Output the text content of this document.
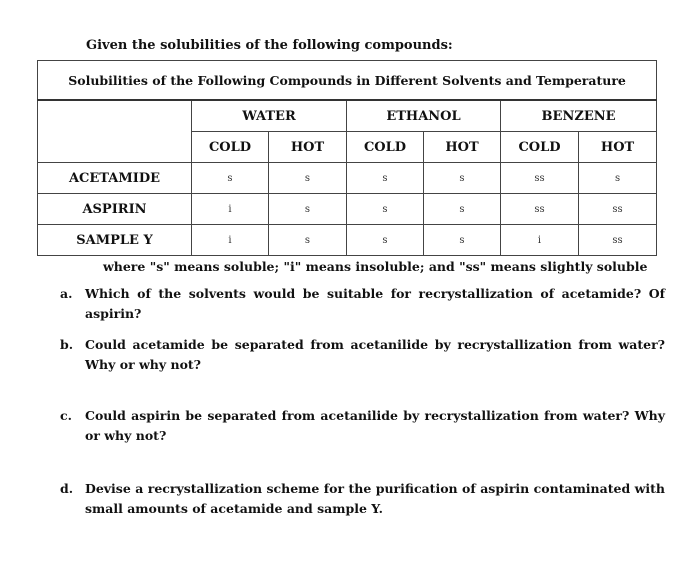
Given the solubilities of the following compounds:
Solubilities of the Following Compounds in Different Solvents and Temperature						
	WATER		ETHANOL		BENZENE	
	COLD	HOT	COLD	HOT	COLD	HOT
ACETAMIDE	s	s	s	s	ss	s
ASPIRIN	i	s	s	s	ss	ss
SAMPLE Y	i	s	s	s	i	ss
where "s" means soluble; "i" means insoluble; and "ss" means slightly soluble
a. Which of the solvents would be suitable for recrystallization of acetamide? Of aspirin?
b. Could acetamide be separated from acetanilide by recrystallization from water? Why or why not?
c. Could aspirin be separated from acetanilide by recrystallization from water? Why or why not?
d. Devise a recrystallization scheme for the purification of aspirin contaminated with small amounts of acetamide and sample Y.
